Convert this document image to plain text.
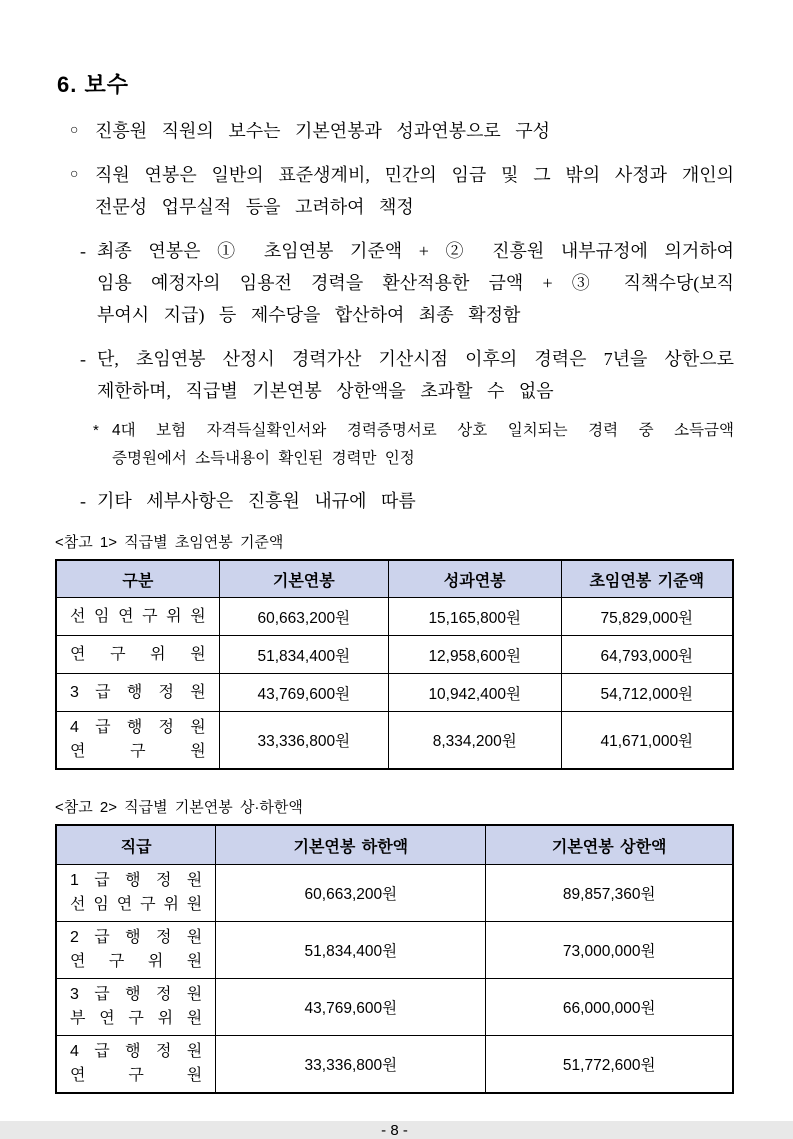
6. 보수
○ 진흥원 직원의 보수는 기본연봉과 성과연봉으로 구성
○ 직원 연봉은 일반의 표준생계비, 민간의 임금 및 그 밖의 사정과 개인의
전문성 업무실적 등을 고려하여 책정
- 최종 연봉은 ① 초임연봉 기준액 + ② 진흥원 내부규정에 의거하여
임용 예정자의 임용전 경력을 환산적용한 금액 + ③ 직책수당(보직
부여시 지급) 등 제수당을 합산하여 최종 확정함
- 단, 초임연봉 산정시 경력가산 기산시점 이후의 경력은 7년을 상한으로
제한하며, 직급별 기본연봉 상한액을 초과할 수 없음
* 4대 보험 자격득실확인서와 경력증명서로 상호 일치되는 경력 중 소득금액
증명원에서 소득내용이 확인된 경력만 인정
- 기타 세부사항은 진흥원 내규에 따름
<참고 1> 직급별 초임연봉 기준액
구분	기본연봉	성과연봉	초임연봉 기준액

선 임 연 구 위 원	60,663,200원	15,165,800원	75,829,000원

연 구 위 원	51,834,400원	12,958,600원	64,793,000원

3 급 행 정 원	43,769,600원	10,942,400원	54,712,000원

4 급 행 정 원
연 구 원	33,336,800원	8,334,200원	41,671,000원
<참고 2> 직급별 기본연봉 상·하한액
직급	기본연봉 하한액	기본연봉 상한액

1 급 행 정 원
선 임 연 구 위 원	60,663,200원	89,857,360원

2 급 행 정 원
연 구 위 원	51,834,400원	73,000,000원

3 급 행 정 원
부 연 구 위 원	43,769,600원	66,000,000원

4 급 행 정 원
연 구 원	33,336,800원	51,772,600원
- 8 -
